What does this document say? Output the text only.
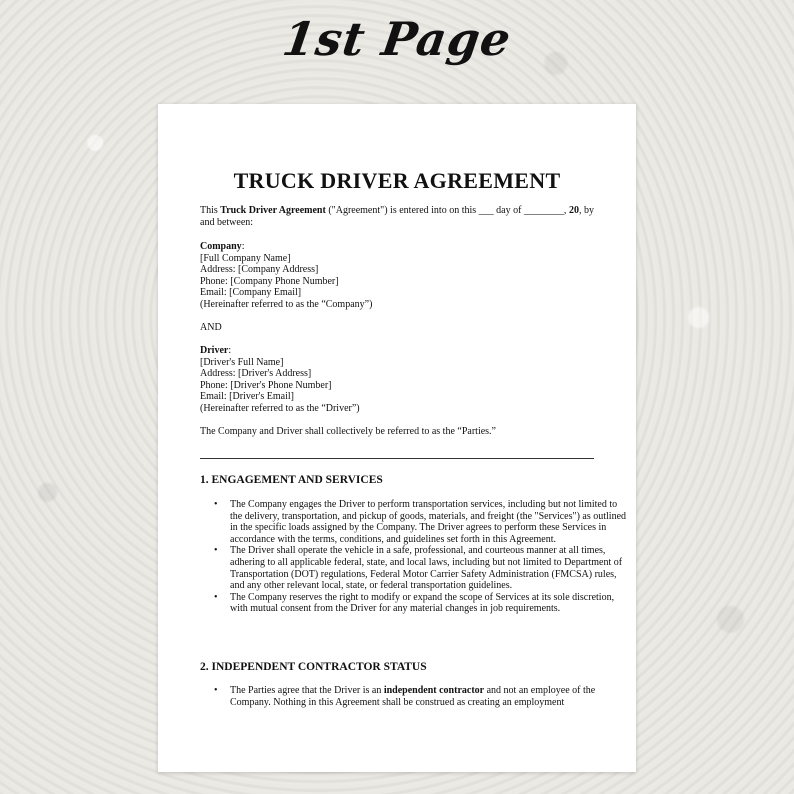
1st Page
TRUCK DRIVER AGREEMENT
This Truck Driver Agreement ("Agreement") is entered into on this ___ day of ________, 20, by and between:
Company:
[Full Company Name]
Address: [Company Address]
Phone: [Company Phone Number]
Email: [Company Email]
(Hereinafter referred to as the “Company”)
AND
Driver:
[Driver's Full Name]
Address: [Driver's Address]
Phone: [Driver's Phone Number]
Email: [Driver's Email]
(Hereinafter referred to as the “Driver”)
The Company and Driver shall collectively be referred to as the “Parties.”
1. ENGAGEMENT AND SERVICES
• The Company engages the Driver to perform transportation services, including but not limited to the delivery, transportation, and pickup of goods, materials, and freight (the "Services") as outlined in the specific loads assigned by the Company. The Driver agrees to perform these Services in accordance with the terms, conditions, and guidelines set forth in this Agreement.
• The Driver shall operate the vehicle in a safe, professional, and courteous manner at all times, adhering to all applicable federal, state, and local laws, including but not limited to Department of Transportation (DOT) regulations, Federal Motor Carrier Safety Administration (FMCSA) rules, and any other relevant local, state, or federal transportation guidelines.
• The Company reserves the right to modify or expand the scope of Services at its sole discretion, with mutual consent from the Driver for any material changes in job requirements.
2. INDEPENDENT CONTRACTOR STATUS
• The Parties agree that the Driver is an independent contractor and not an employee of the Company. Nothing in this Agreement shall be construed as creating an employment
